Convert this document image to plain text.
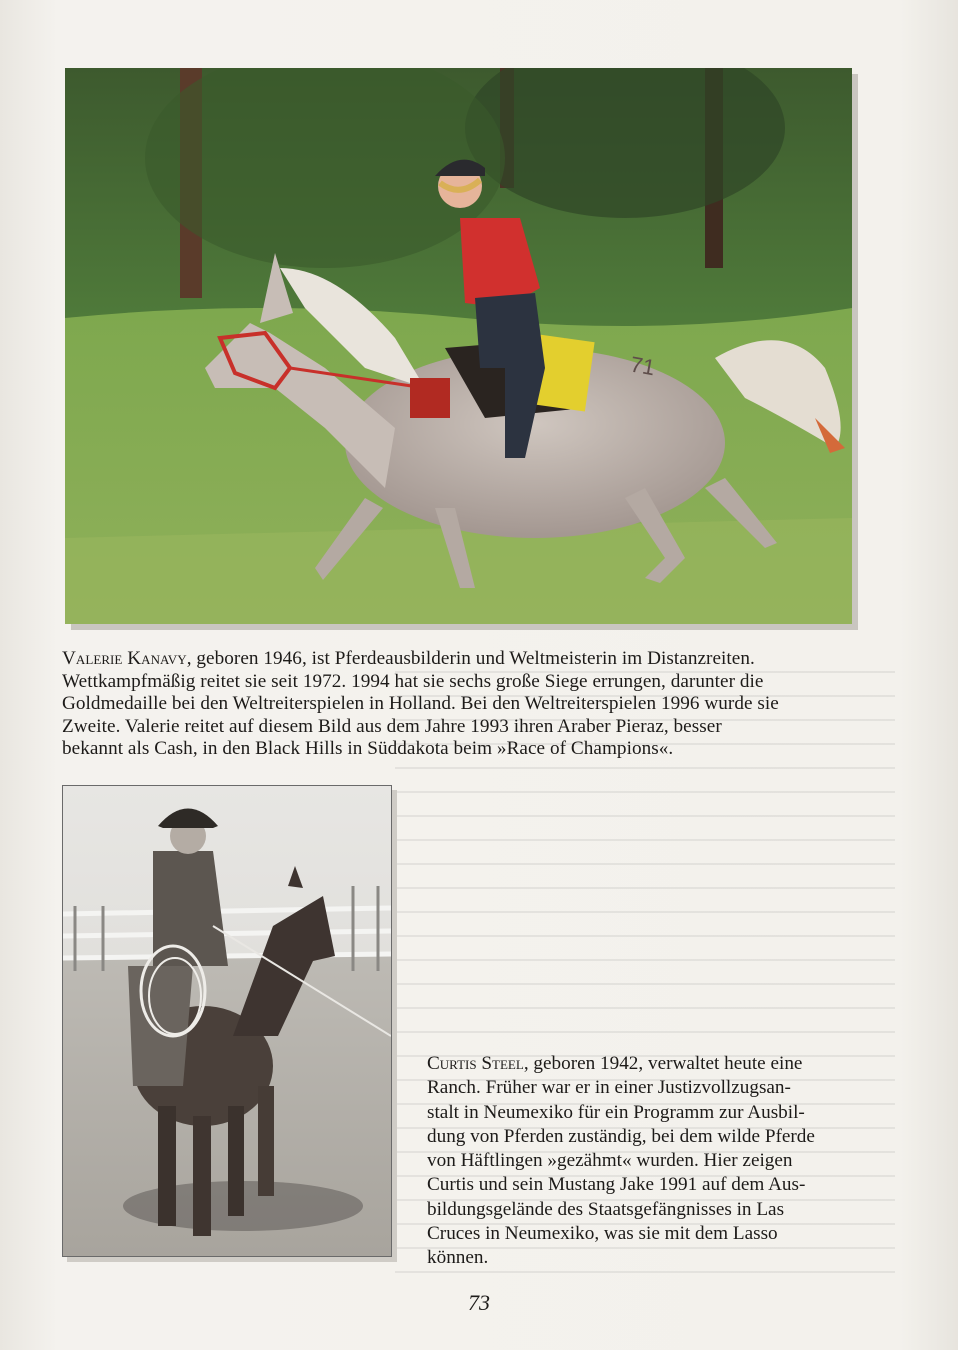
71
Valerie Kanavy, geboren 1946, ist Pferdeausbilderin und Weltmeisterin im Distanzreiten.
Wettkampfmäßig reitet sie seit 1972. 1994 hat sie sechs große Siege errungen, darunter die
Goldmedaille bei den Weltreiterspielen in Holland. Bei den Weltreiterspielen 1996 wurde sie
Zweite. Valerie reitet auf diesem Bild aus dem Jahre 1993 ihren Araber Pieraz, besser
bekannt als Cash, in den Black Hills in Süddakota beim »Race of Champions«.
Curtis Steel, geboren 1942, verwaltet heute eine
Ranch. Früher war er in einer Justizvollzugsan-
stalt in Neumexiko für ein Programm zur Ausbil-
dung von Pferden zuständig, bei dem wilde Pferde
von Häftlingen »gezähmt« wurden. Hier zeigen
Curtis und sein Mustang Jake 1991 auf dem Aus-
bildungsgelände des Staatsgefängnisses in Las
Cruces in Neumexiko, was sie mit dem Lasso
können.
73
